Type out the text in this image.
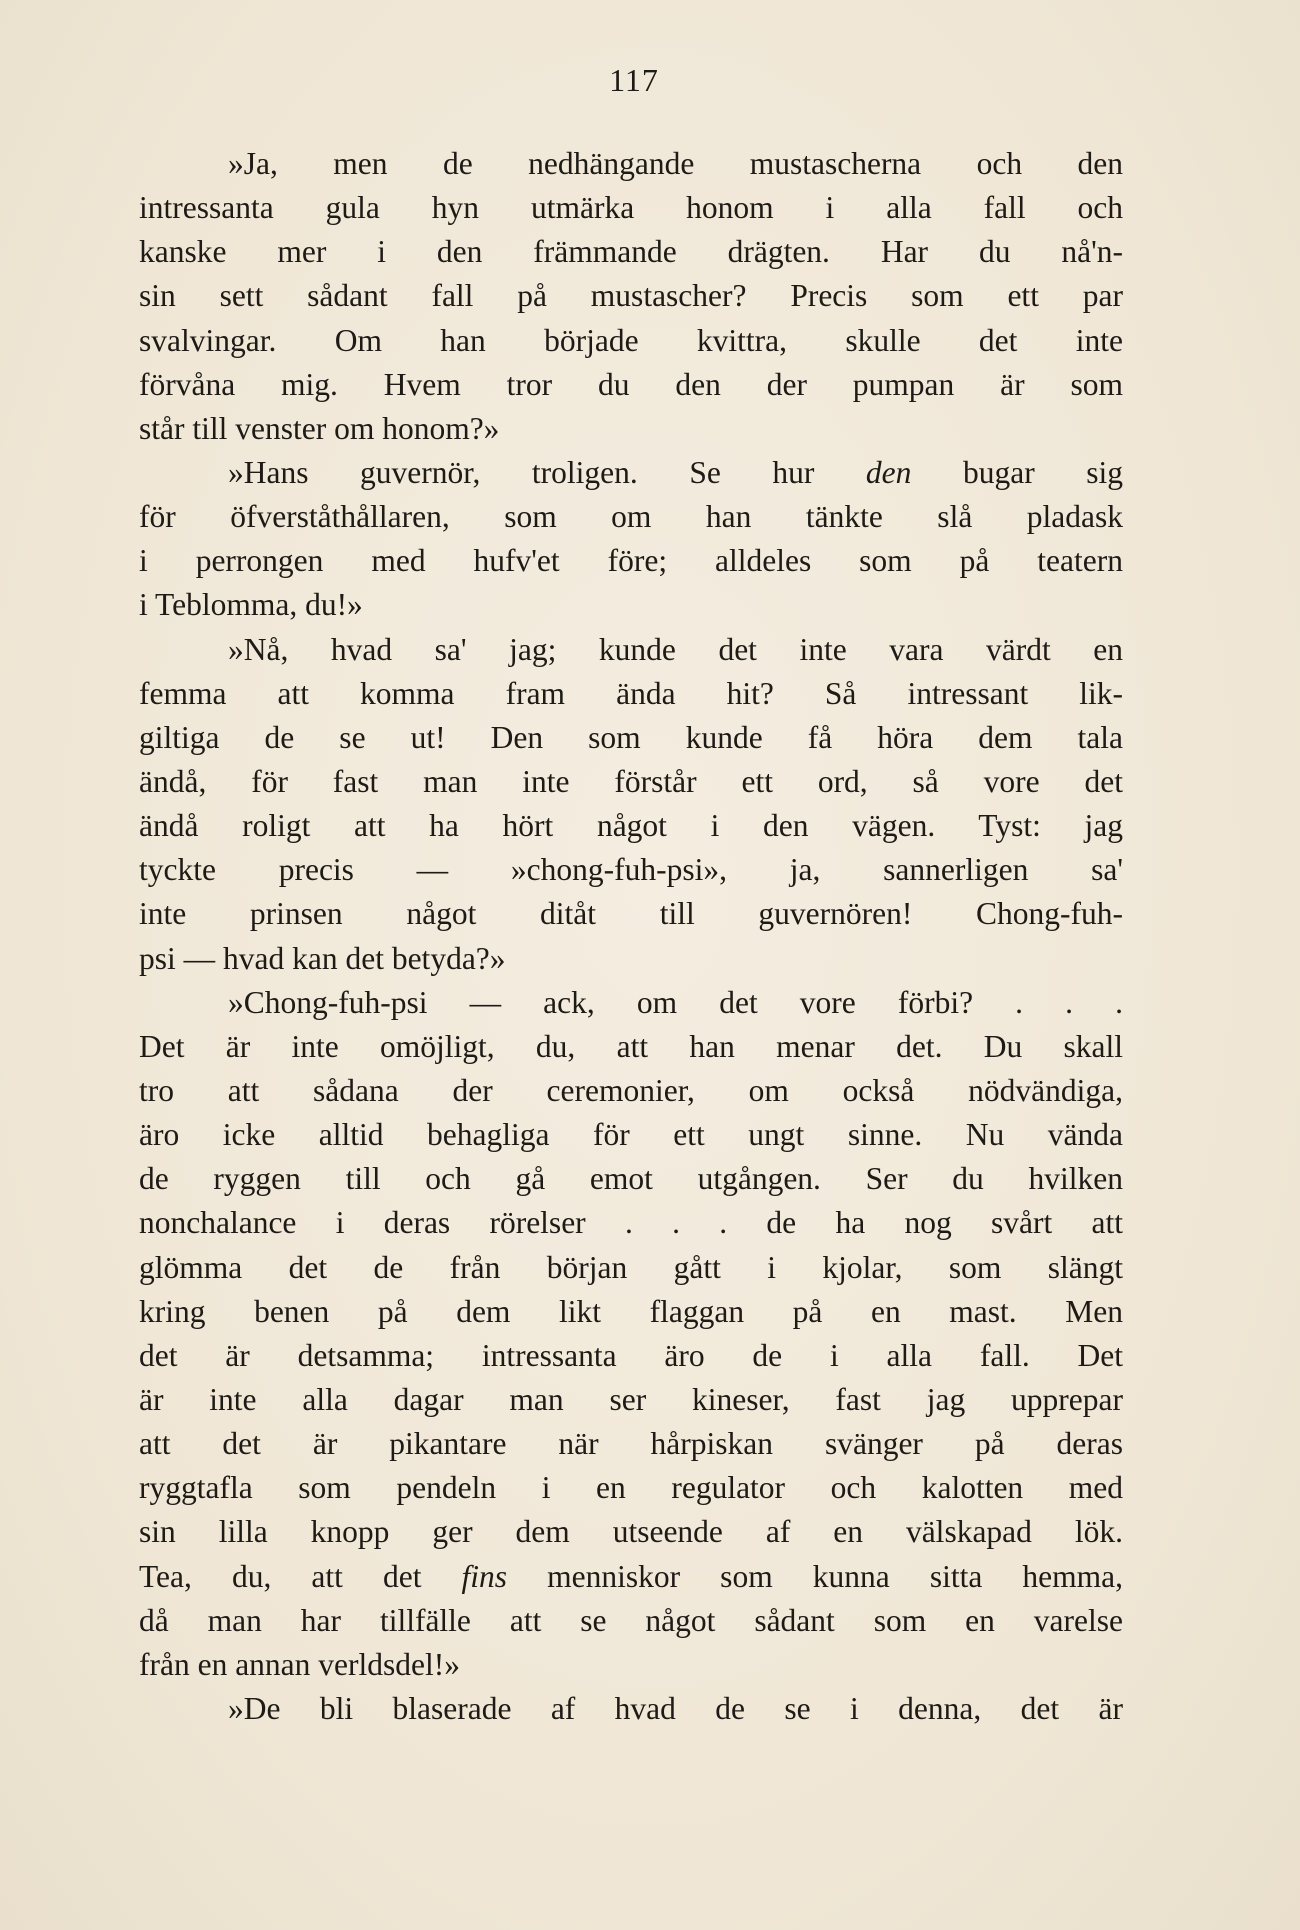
117
»Ja, men de nedhängande mustascherna och den
intressanta gula hyn utmärka honom i alla fall och
kanske mer i den främmande drägten. Har du nå'n-
sin sett sådant fall på mustascher? Precis som ett par
svalvingar. Om han började kvittra, skulle det inte
förvåna mig. Hvem tror du den der pumpan är som
står till venster om honom?»
»Hans guvernör, troligen. Se hur den bugar sig
för öfverståthållaren, som om han tänkte slå pladask
i perrongen med hufv'et före; alldeles som på teatern
i Teblomma, du!»
»Nå, hvad sa' jag; kunde det inte vara värdt en
femma att komma fram ända hit? Så intressant lik-
giltiga de se ut! Den som kunde få höra dem tala
ändå, för fast man inte förstår ett ord, så vore det
ändå roligt att ha hört något i den vägen. Tyst: jag
tyckte precis — »chong-fuh-psi», ja, sannerligen sa'
inte prinsen något ditåt till guvernören! Chong-fuh-
psi — hvad kan det betyda?»
»Chong-fuh-psi — ack, om det vore förbi? . . .
Det är inte omöjligt, du, att han menar det. Du skall
tro att sådana der ceremonier, om också nödvändiga,
äro icke alltid behagliga för ett ungt sinne. Nu vända
de ryggen till och gå emot utgången. Ser du hvilken
nonchalance i deras rörelser . . . de ha nog svårt att
glömma det de från början gått i kjolar, som slängt
kring benen på dem likt flaggan på en mast. Men
det är detsamma; intressanta äro de i alla fall. Det
är inte alla dagar man ser kineser, fast jag upprepar
att det är pikantare när hårpiskan svänger på deras
ryggtafla som pendeln i en regulator och kalotten med
sin lilla knopp ger dem utseende af en välskapad lök.
Tea, du, att det fins menniskor som kunna sitta hemma,
då man har tillfälle att se något sådant som en varelse
från en annan verldsdel!»
»De bli blaserade af hvad de se i denna, det är
